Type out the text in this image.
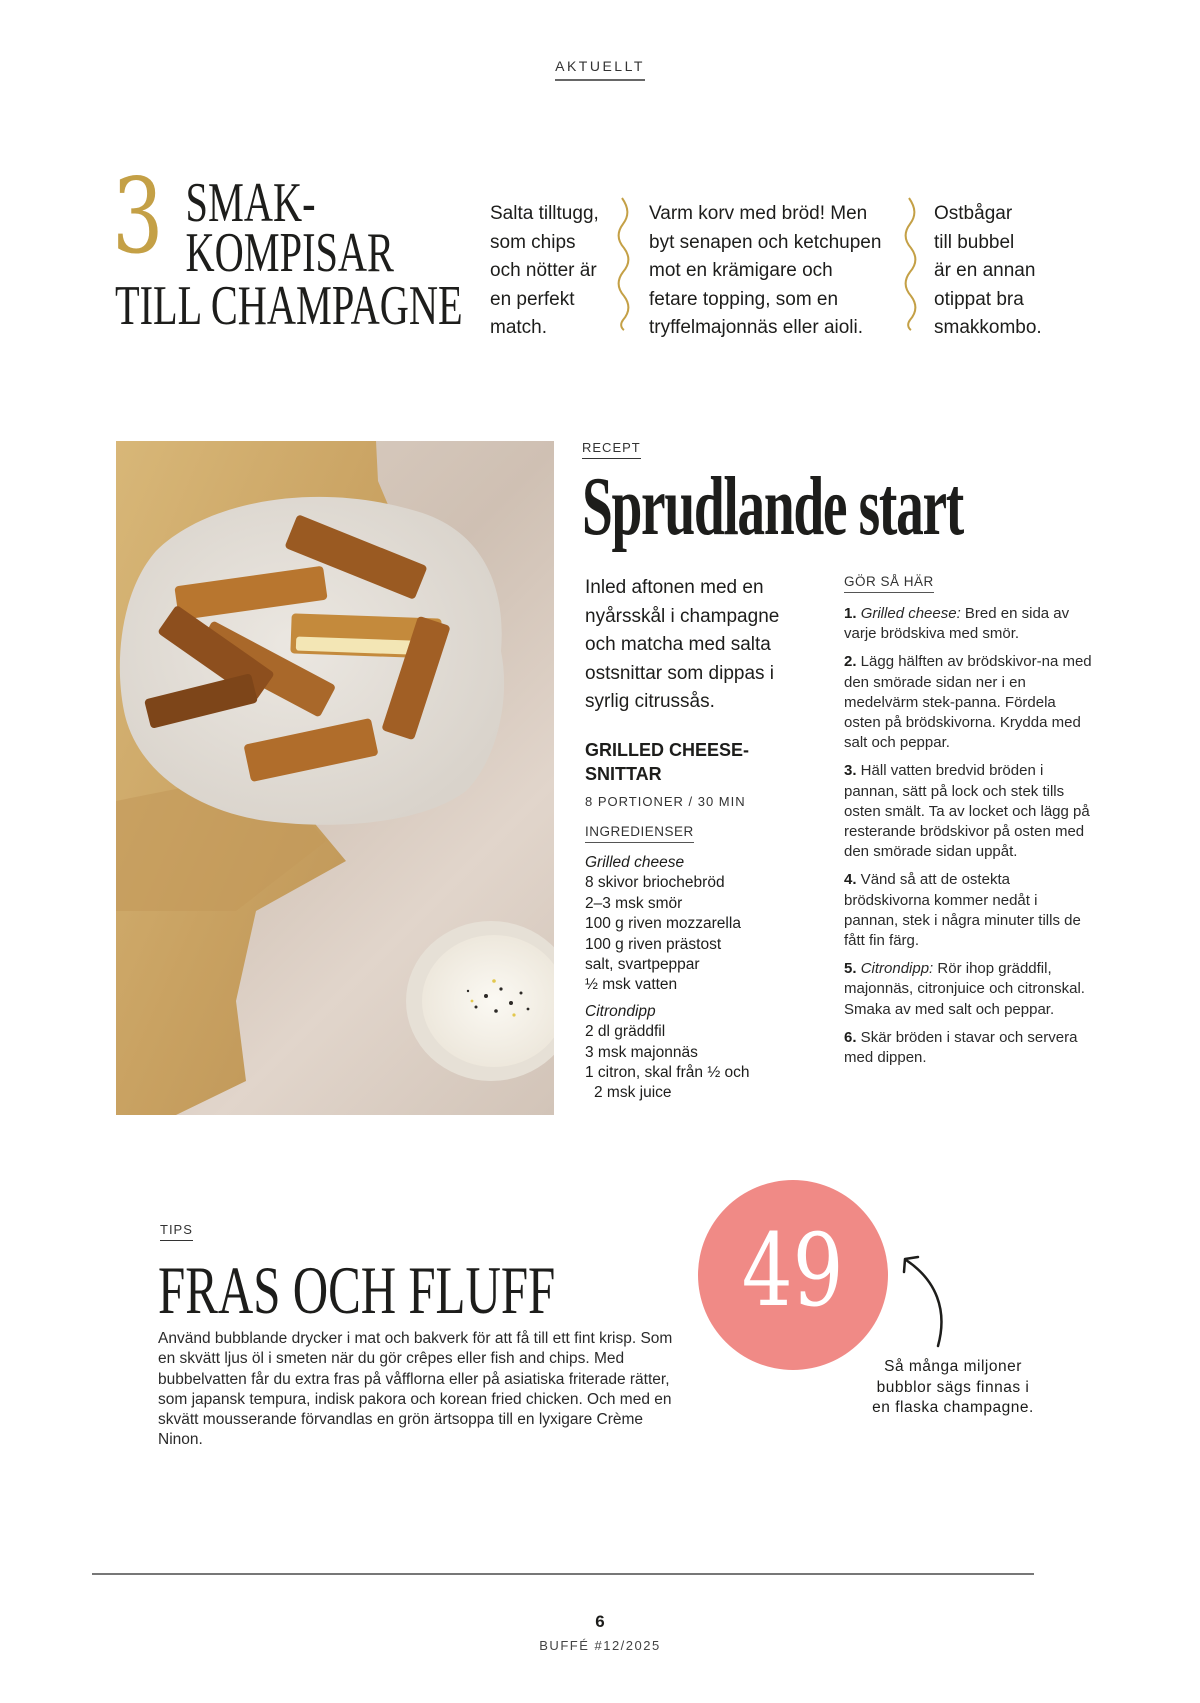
AKTUELLT
3 SMAK-
KOMPISAR
TILL CHAMPAGNE
Salta tilltugg,
som chips
och nötter är
en perfekt
match.
Varm korv med bröd! Men
byt senapen och ketchupen
mot en krämigare och
fetare topping, som en
tryffelmajonnäs eller aioli.
Ostbågar
till bubbel
är en annan
otippat bra
smakkombo.
RECEPT
Sprudlande start
Inled aftonen med en nyårsskål i champagne och matcha med salta ostsnittar som dippas i syrlig citrussås.
GRILLED CHEESE-
SNITTAR
8 PORTIONER / 30 MIN
INGREDIENSER
Grilled cheese
8 skivor briochebröd
2–3 msk smör
100 g riven mozzarella
100 g riven prästost
salt, svartpeppar
½ msk vatten
Citrondipp
2 dl gräddfil
3 msk majonnäs
1 citron, skal från ½ och
2 msk juice
GÖR SÅ HÄR
1. Grilled cheese: Bred en sida av varje brödskiva med smör.
2. Lägg hälften av brödskivor-na med den smörade sidan ner i en medelvärm stek-panna. Fördela osten på brödskivorna. Krydda med salt och peppar.
3. Häll vatten bredvid bröden i pannan, sätt på lock och stek tills osten smält. Ta av locket och lägg på resterande brödskivor på osten med den smörade sidan uppåt.
4. Vänd så att de ostekta brödskivorna kommer nedåt i pannan, stek i några minuter tills de fått fin färg.
5. Citrondipp: Rör ihop gräddfil, majonnäs, citronjuice och citronskal. Smaka av med salt och peppar.
6. Skär bröden i stavar och servera med dippen.
TIPS
FRAS OCH FLUFF
Använd bubblande drycker i mat och bakverk för att få till ett fint krisp. Som en skvätt ljus öl i smeten när du gör crêpes eller fish and chips. Med bubbelvatten får du extra fras på våfflorna eller på asiatiska friterade rätter, som japansk tempura, indisk pakora och korean fried chicken. Och med en skvätt mousserande förvandlas en grön ärtsoppa till en lyxigare Crème Ninon.
49
Så många miljoner bubblor sägs finnas i en flaska champagne.
6
BUFFÉ #12/2025
